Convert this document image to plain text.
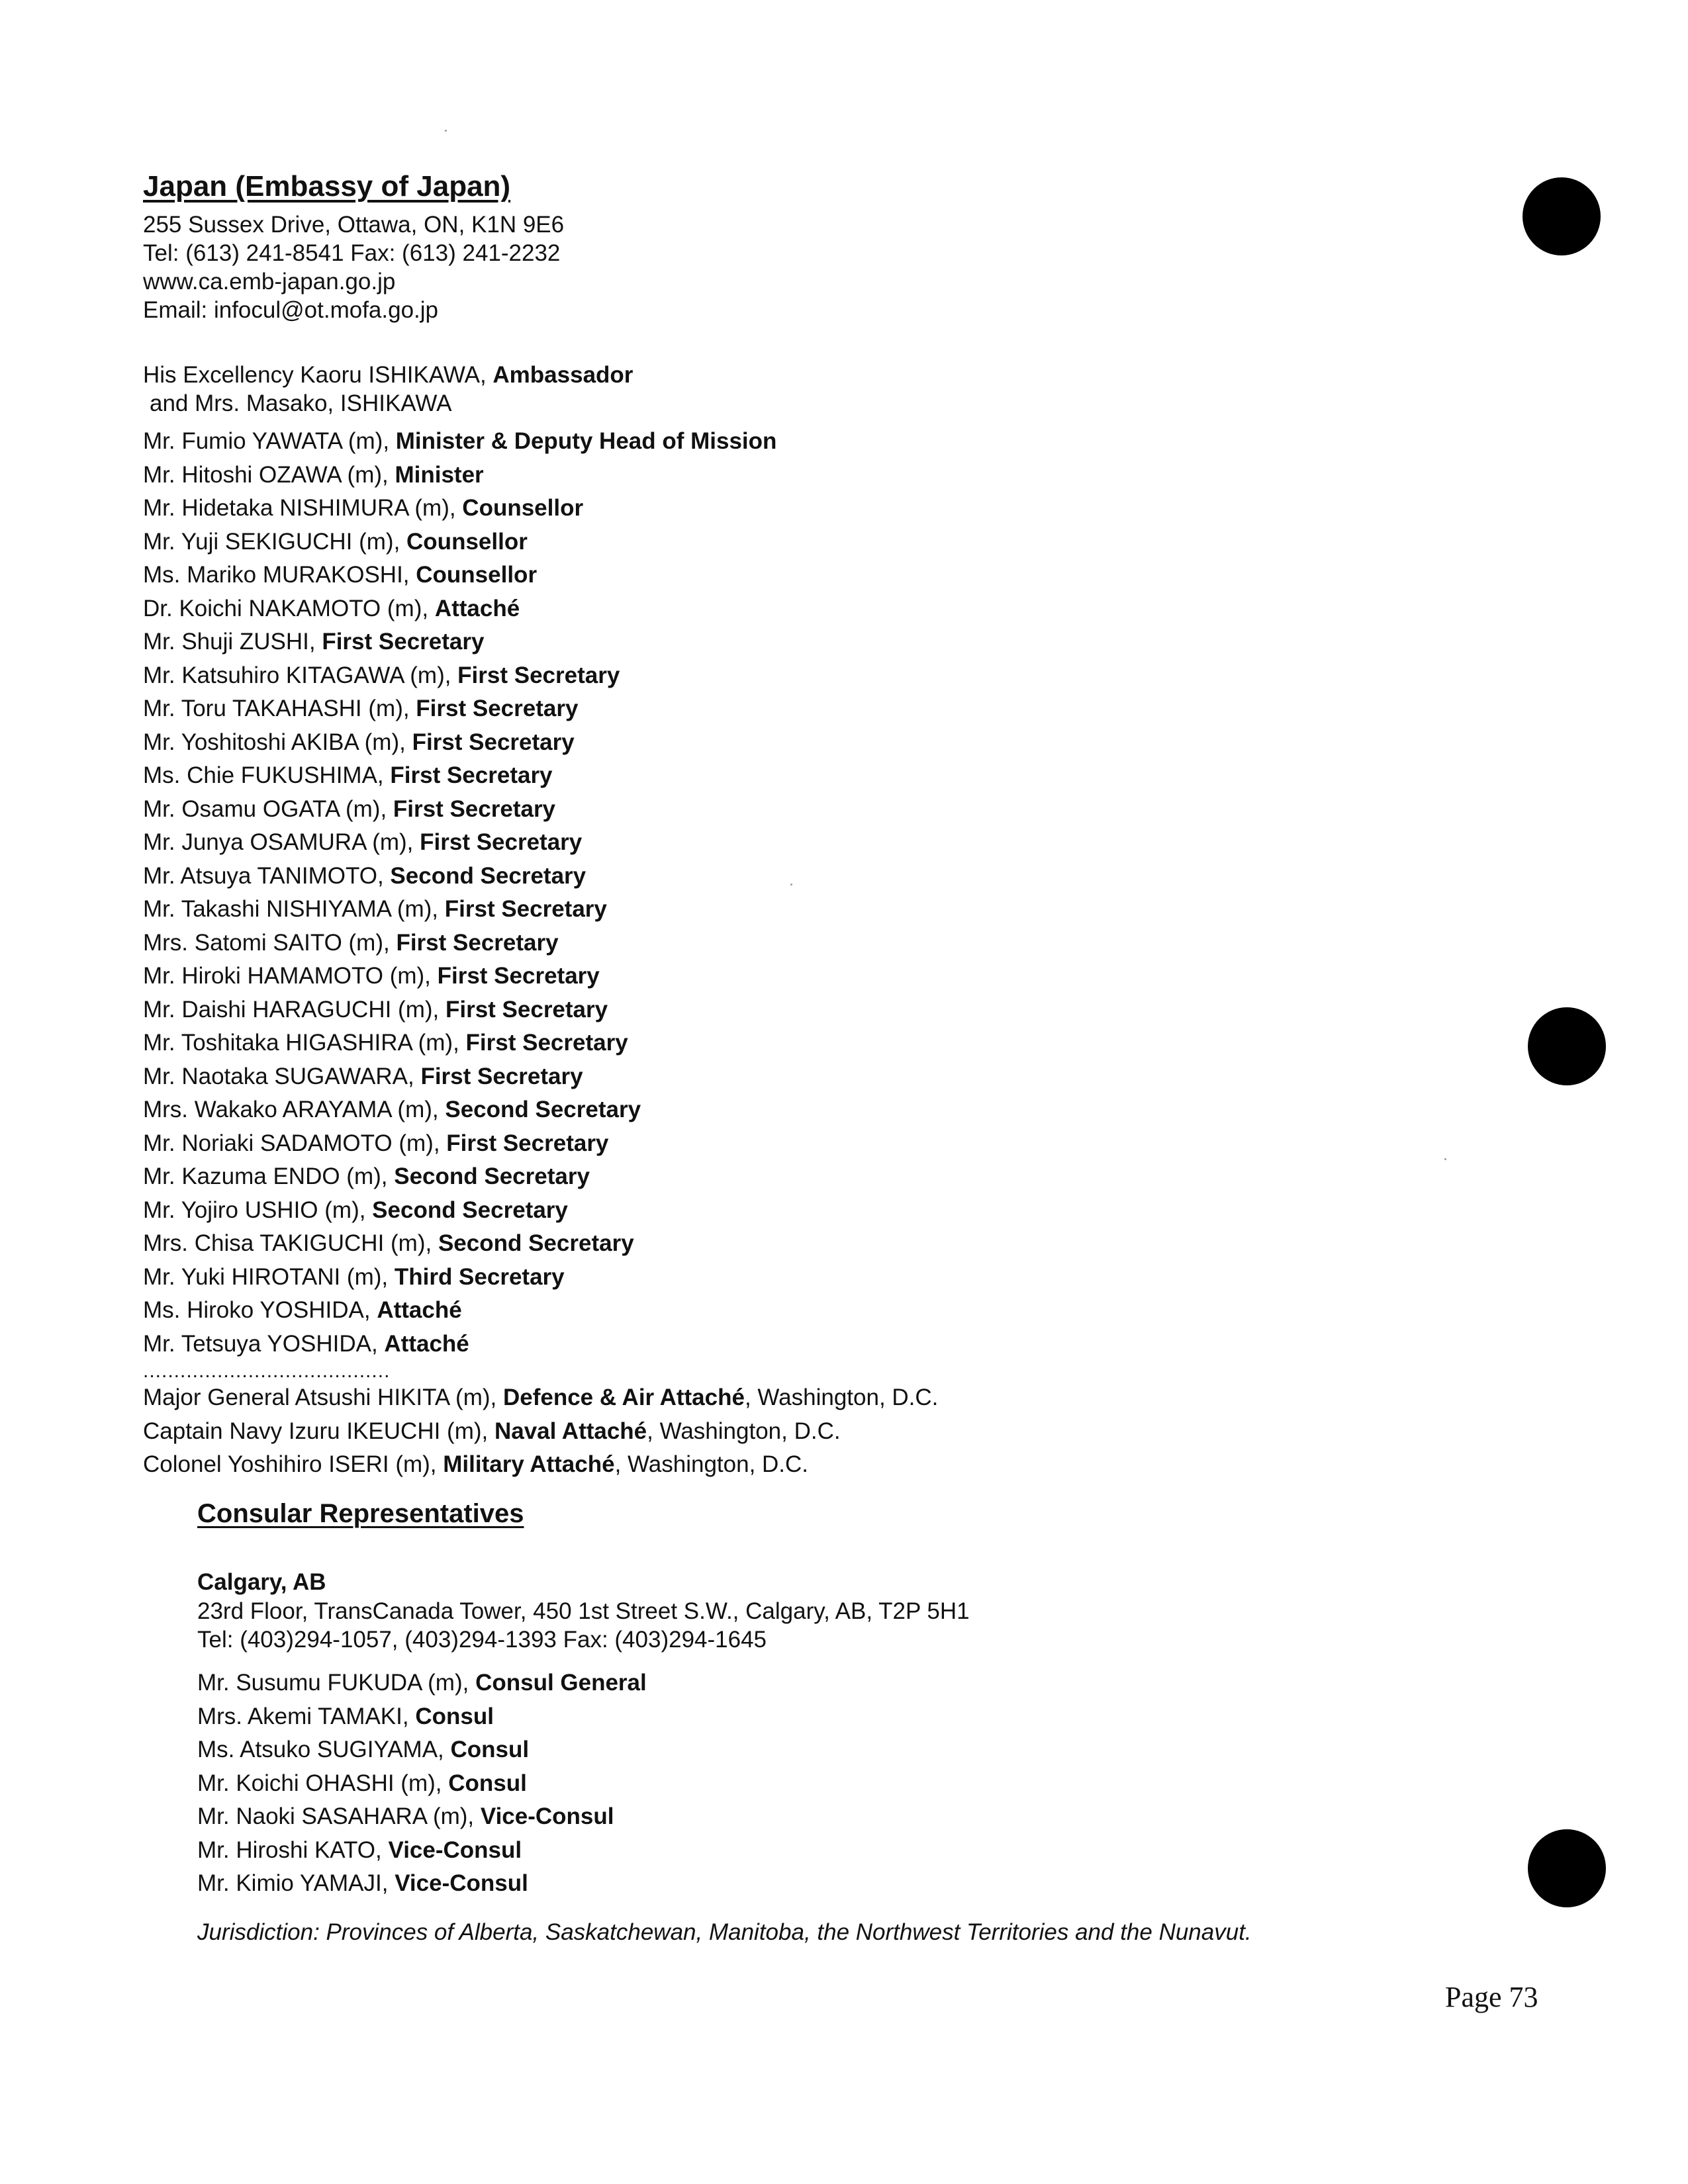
Japan (Embassy of Japan)
255 Sussex Drive, Ottawa, ON, K1N 9E6
Tel: (613) 241-8541 Fax: (613) 241-2232
www.ca.emb-japan.go.jp
Email: infocul@ot.mofa.go.jp
His Excellency Kaoru ISHIKAWA, Ambassador
and Mrs. Masako, ISHIKAWA
Mr. Fumio YAWATA (m), Minister & Deputy Head of Mission
Mr. Hitoshi OZAWA (m), Minister
Mr. Hidetaka NISHIMURA (m), Counsellor
Mr. Yuji SEKIGUCHI (m), Counsellor
Ms. Mariko MURAKOSHI, Counsellor
Dr. Koichi NAKAMOTO (m), Attaché
Mr. Shuji ZUSHI, First Secretary
Mr. Katsuhiro KITAGAWA (m), First Secretary
Mr. Toru TAKAHASHI (m), First Secretary
Mr. Yoshitoshi AKIBA (m), First Secretary
Ms. Chie FUKUSHIMA, First Secretary
Mr. Osamu OGATA (m), First Secretary
Mr. Junya OSAMURA (m), First Secretary
Mr. Atsuya TANIMOTO, Second Secretary
Mr. Takashi NISHIYAMA (m), First Secretary
Mrs. Satomi SAITO (m), First Secretary
Mr. Hiroki HAMAMOTO (m), First Secretary
Mr. Daishi HARAGUCHI (m), First Secretary
Mr. Toshitaka HIGASHIRA (m), First Secretary
Mr. Naotaka SUGAWARA, First Secretary
Mrs. Wakako ARAYAMA (m), Second Secretary
Mr. Noriaki SADAMOTO (m), First Secretary
Mr. Kazuma ENDO (m), Second Secretary
Mr. Yojiro USHIO (m), Second Secretary
Mrs. Chisa TAKIGUCHI (m), Second Secretary
Mr. Yuki HIROTANI (m), Third Secretary
Ms. Hiroko YOSHIDA, Attaché
Mr. Tetsuya YOSHIDA, Attaché
........................................
Major General Atsushi HIKITA (m), Defence & Air Attaché, Washington, D.C.
Captain Navy Izuru IKEUCHI (m), Naval Attaché, Washington, D.C.
Colonel Yoshihiro ISERI (m), Military Attaché, Washington, D.C.
Consular Representatives
Calgary, AB
23rd Floor, TransCanada Tower, 450 1st Street S.W., Calgary, AB, T2P 5H1
Tel: (403)294-1057, (403)294-1393 Fax: (403)294-1645
Mr. Susumu FUKUDA (m), Consul General
Mrs. Akemi TAMAKI, Consul
Ms. Atsuko SUGIYAMA, Consul
Mr. Koichi OHASHI (m), Consul
Mr. Naoki SASAHARA (m), Vice-Consul
Mr. Hiroshi KATO, Vice-Consul
Mr. Kimio YAMAJI, Vice-Consul
Jurisdiction: Provinces of Alberta, Saskatchewan, Manitoba, the Northwest Territories and the Nunavut.
Page 73
